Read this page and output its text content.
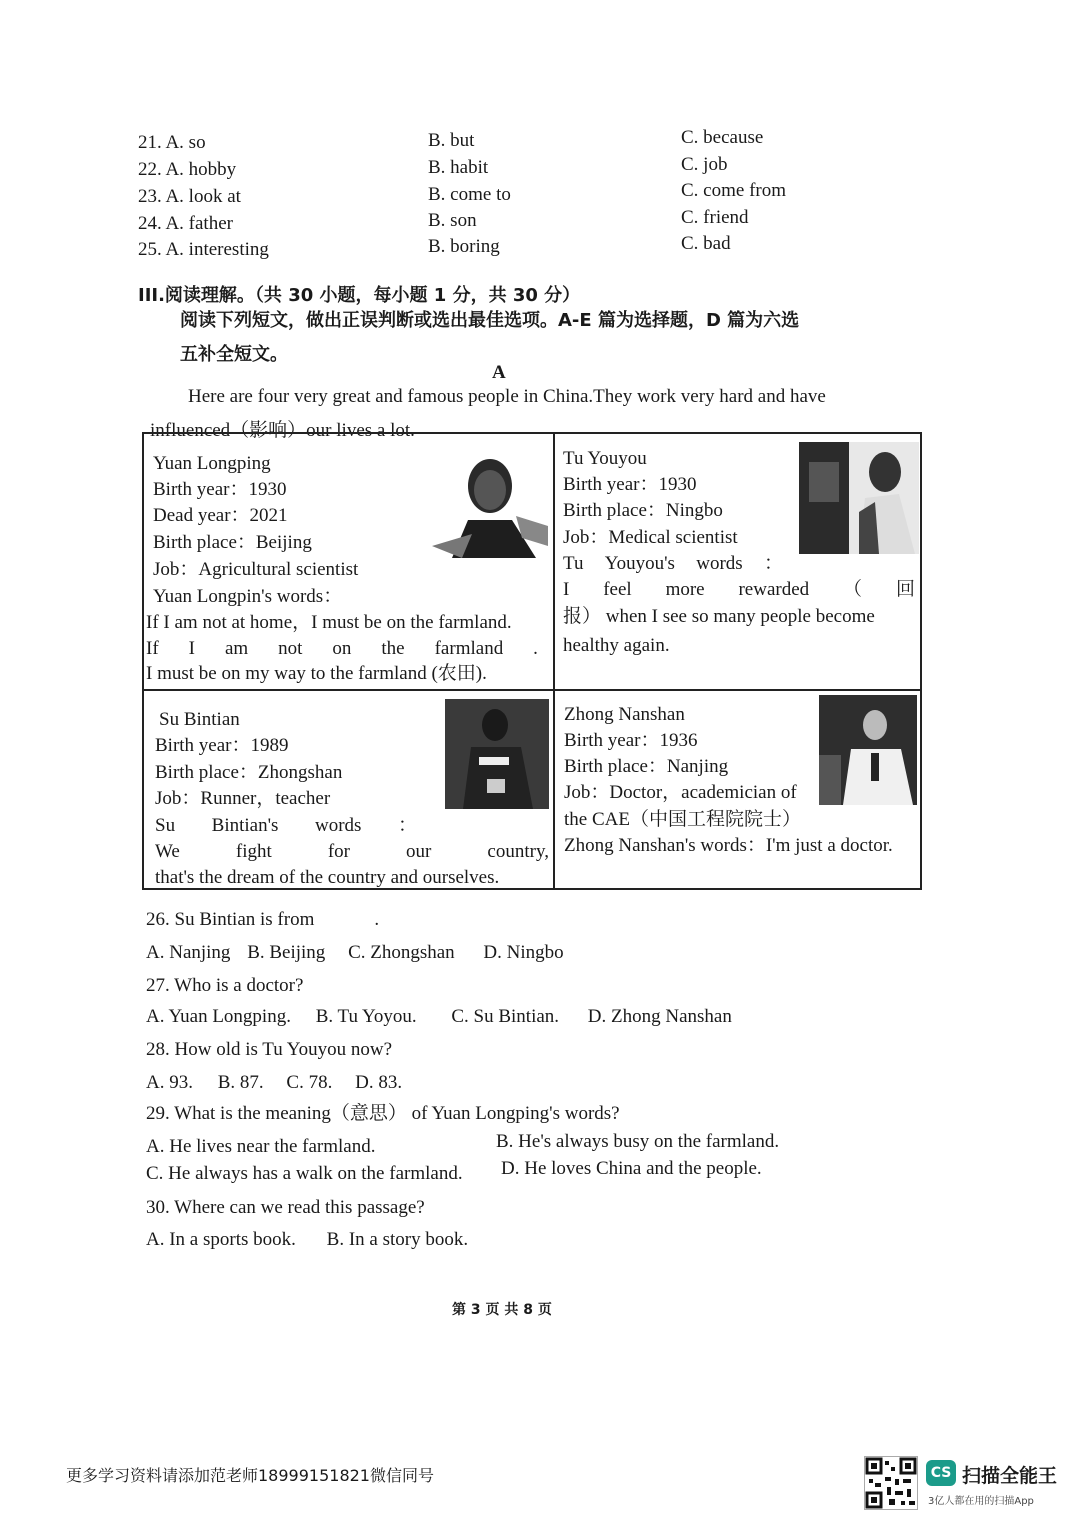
21. A. so	B. but	C. because
22. A. hobby	B. habit	C. job
23. A. look at	B. come to	C. come from
24. A. father	B. son	C. friend
25. A. interesting	B. boring	C. bad
III.阅读理解。（共 30 小题，每小题 1 分，共 30 分）
阅读下列短文，做出正误判断或选出最佳选项。A-E 篇为选择题，D 篇为六选
五补全短文。
A
Here are four very great and famous people in China.They work very hard and have
influenced（影响）our lives a lot.
Yuan Longping
Birth year：1930
Dead year：2021
Birth place：Beijing
Job：Agricultural scientist
Yuan Longpin's words：
If I am not at home，I must be on the farmland.
If I am not on the farmland .
I must be on my way to the farmland (农田).
Tu Youyou
Birth year：1930
Birth place：Ningbo
Job：Medical scientist
Tu Youyou's words ：
I feel more rewarded （ 回
报） when I see so many people become
healthy again.
Su Bintian
Birth year：1989
Birth place：Zhongshan
Job：Runner，teacher
Su Bintian's words ：
We	fight	for	our	country,
that's the dream of the country and ourselves.
Zhong Nanshan
Birth year：1936
Birth place：Nanjing
Job：Doctor，academician of
the CAE（中国工程院院士）
Zhong Nanshan's words：I'm just a doctor.
26. Su Bintian is from	.
A. Nanjing B. Beijing C. Zhongshan D. Ningbo
27. Who is a doctor?
A. Yuan Longping. B. Tu Yoyou. C. Su Bintian. D. Zhong Nanshan
28. How old is Tu Youyou now?
A. 93. B. 87. C. 78. D. 83.
29. What is the meaning（意思） of Yuan Longping's words?
A. He lives near the farmland.	B. He's always busy on the farmland.
C. He always has a walk on the farmland. D. He loves China and the people.
30. Where can we read this passage?
A. In a sports book. B. In a story book.
第 3 页 共 8 页
更多学习资料请添加范老师18999151821微信同号	CS 扫描全能王
3亿人都在用的扫描App
